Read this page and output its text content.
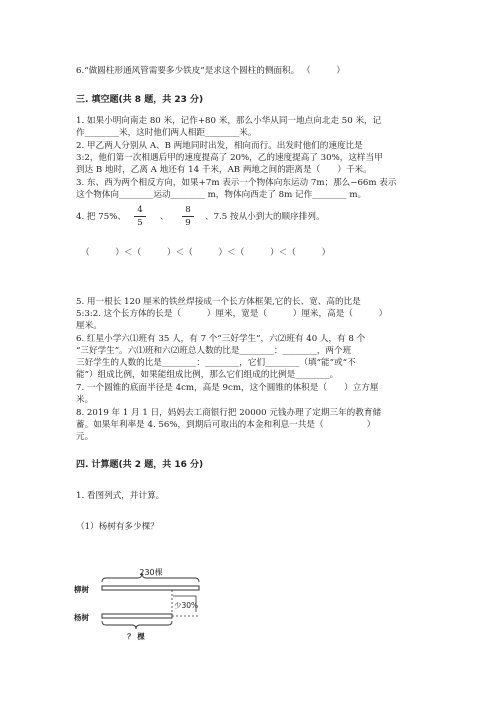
6.“做圆柱形通风管需要多少铁皮”是求这个圆柱的侧面积。 （　　　）
三. 填空题(共 8 题，共 23 分)
1. 如果小明向南走 80 米，记作+80 米，那么小华从同一地点向北走 50 米，记
作________米，这时他们两人相距________米。
2. 甲乙两人分别从 A、B 两地同时出发，相向而行。出发时他们的速度比是
3:2，他们第一次相遇后甲的速度提高了 20%，乙的速度提高了 30%，这样当甲
到达 B 地时，乙离 A 地还有 14 千米，AB 两地之间的距离是（　　）千米。
3. 东、西为两个相反方向，如果+7m 表示一个物体向东运动 7m；那么−66m 表示
这个物体向________运动________ m，物体向西走了 8m 记作________ m。
4. 把 75%、
4
5
、
8
9
、7.5 按从小到大的顺序排列。
（　　　）＜（　　　）＜（　　　）＜（　　　）＜（　　　）
5. 用一根长 120 厘米的铁丝焊接成一个长方体框架,它的长、宽、高的比是
5:3:2. 这个长方体的长是（　　　）厘米，宽是（　　　）厘米，高是（　　　）
厘米。
6. 红星小学六⑴班有 35 人，有 7 个“三好学生”，六⑵班有 40 人，有 8 个
“三好学生”。六⑴班和六⑵班总人数的比是________：________，两个班
三好学生的人数的比是________：________，它们________（填“能”或“不
能”）组成比例，如果能组成比例，那么它们组成的比例是________。
7. 一个圆锥的底面半径是 4cm，高是 9cm，这个圆锥的体积是（　　）立方厘
米。
8. 2019 年 1 月 1 日，妈妈去工商银行把 20000 元钱办理了定期三年的教育储
蓄。如果年利率是 4. 56%，到期后可取出的本金和利息一共是（　　　　　）
元。
四. 计算题(共 2 题，共 16 分)
1. 看图列式，并计算。
（1）杨树有多少棵？
230棵
柳树
杨树
少30%
？ 棵
